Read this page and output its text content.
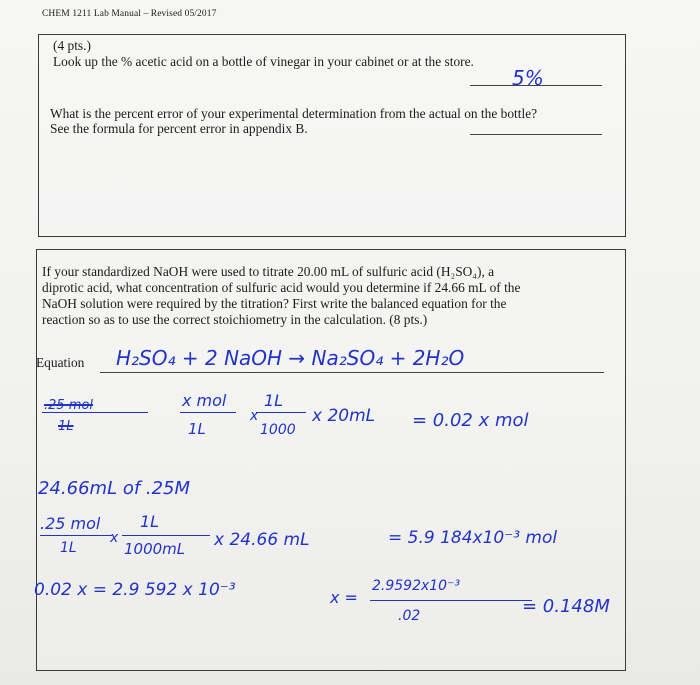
CHEM 1211 Lab Manual – Revised 05/2017
(4 pts.)
Look up the % acetic acid on a bottle of vinegar in your cabinet or at the store.
5%
What is the percent error of your experimental determination from the actual on the bottle?
See the formula for percent error in appendix B.
If your standardized NaOH were used to titrate 20.00 mL of sulfuric acid (H₂SO₄), a
diprotic acid, what concentration of sulfuric acid would you determine if 24.66 mL of the
NaOH solution were required by the titration? First write the balanced equation for the
reaction so as to use the correct stoichiometry in the calculation. (8 pts.)
Equation H₂SO₄ + 2 NaOH → Na₂SO₄ + 2H₂O
.25 mol
1L
x mol
1L
x
1L
1000
x 20mL = 0.02 x mol
24.66mL of .25M
.25 mol
1L
x
1L
1000mL x 24.66 mL	= 5.9 184x10⁻³ mol
0.02 x = 2.9 592 x 10⁻³	x =
2.9592x10⁻³
.02	= 0.148M
